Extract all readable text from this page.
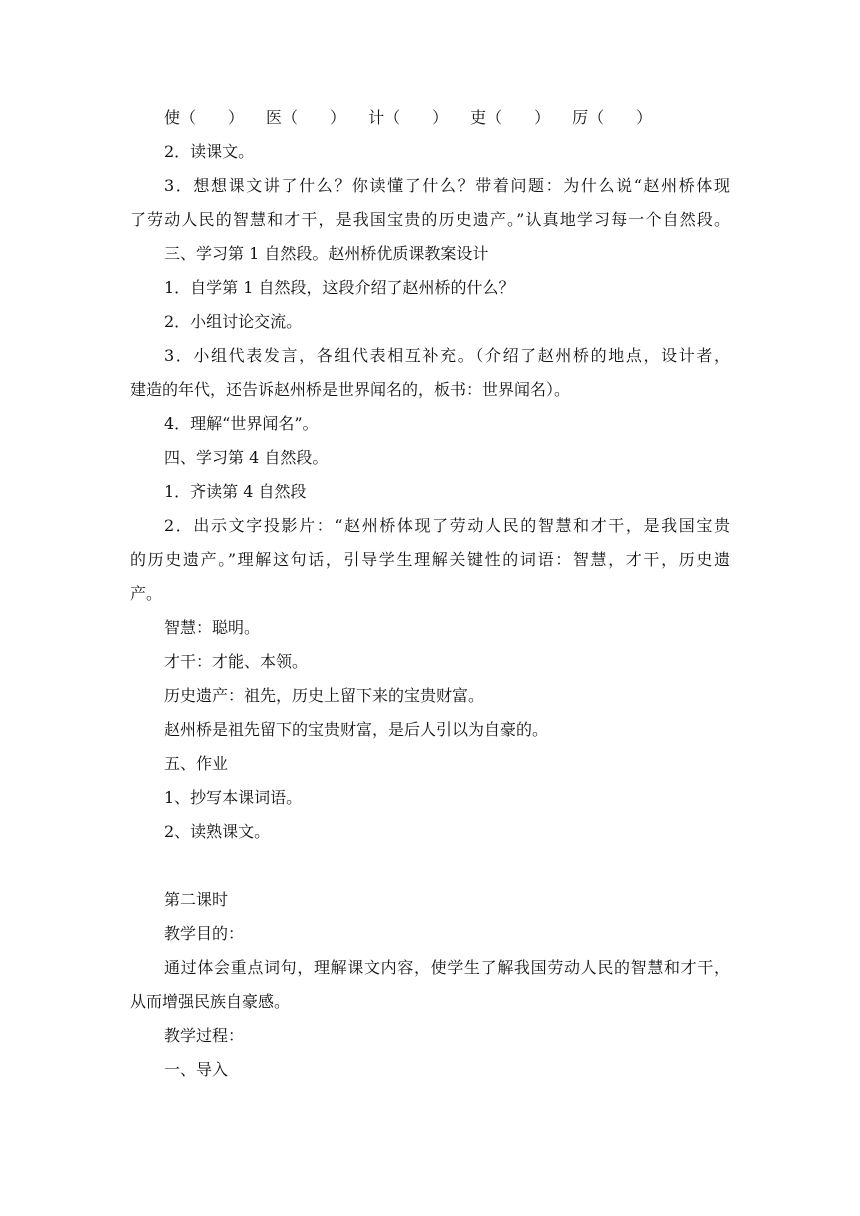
使（　　） 医（　　） 计（　　） 吏（　　） 厉（　　）
2．读课文。
3．想想课文讲了什么？你读懂了什么？带着问题：为什么说“赵州桥体现
了劳动人民的智慧和才干，是我国宝贵的历史遗产。”认真地学习每一个自然段。
三、学习第 1 自然段。赵州桥优质课教案设计
1．自学第 1 自然段，这段介绍了赵州桥的什么？
2．小组讨论交流。
3．小组代表发言，各组代表相互补充。（介绍了赵州桥的地点，设计者，
建造的年代，还告诉赵州桥是世界闻名的，板书：世界闻名）。
4．理解“世界闻名”。
四、学习第 4 自然段。
1．齐读第 4 自然段
2．出示文字投影片：“赵州桥体现了劳动人民的智慧和才干，是我国宝贵
的历史遗产。”理解这句话，引导学生理解关键性的词语：智慧，才干，历史遗
产。
智慧：聪明。
才干：才能、本领。
历史遗产：祖先，历史上留下来的宝贵财富。
赵州桥是祖先留下的宝贵财富，是后人引以为自豪的。
五、作业
1、抄写本课词语。
2、读熟课文。
第二课时
教学目的：
通过体会重点词句，理解课文内容，使学生了解我国劳动人民的智慧和才干，
从而增强民族自豪感。
教学过程：
一、导入
